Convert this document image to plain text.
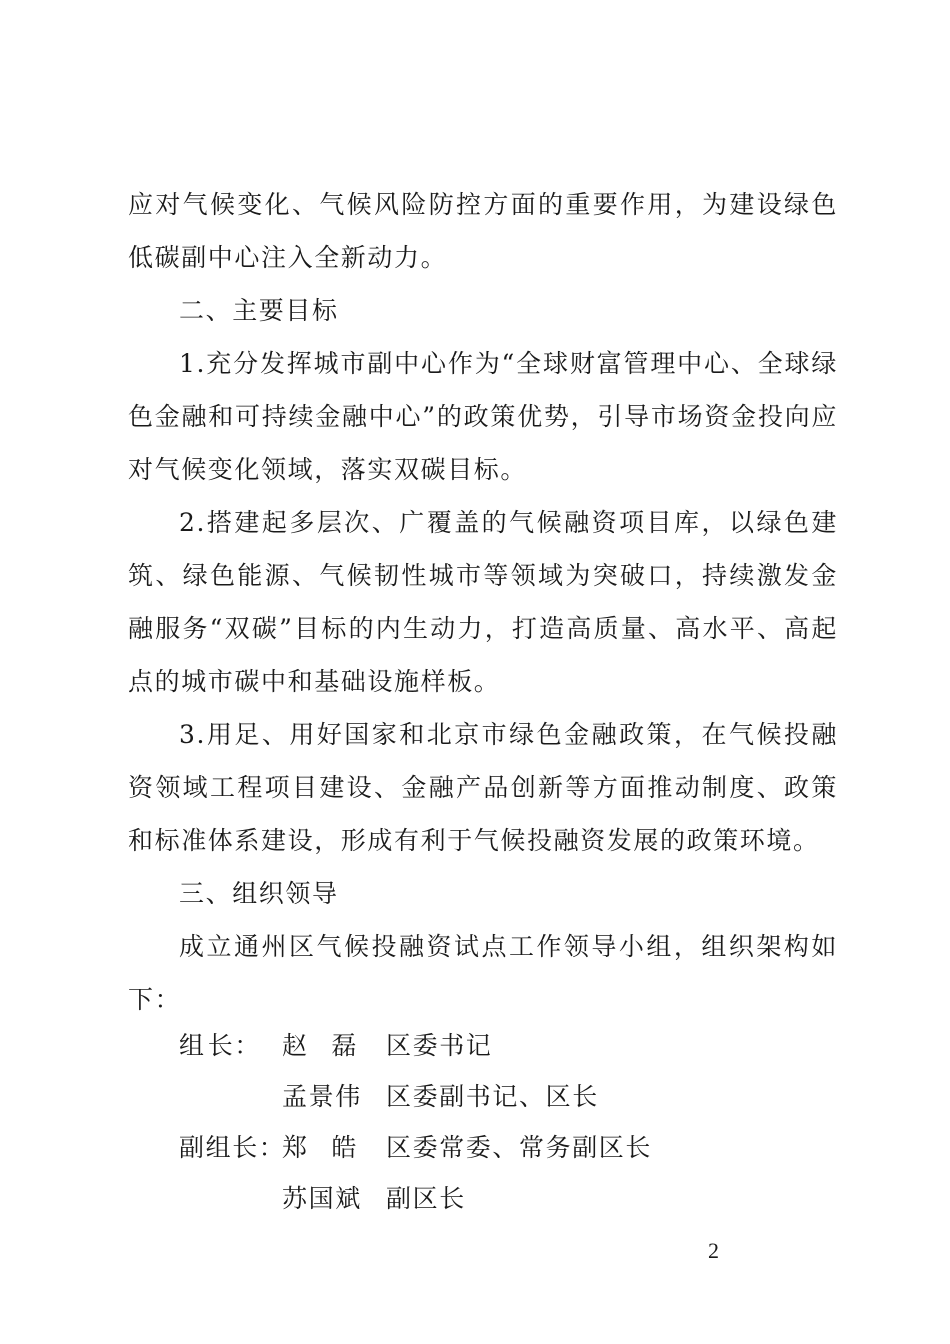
应对气候变化、气候风险防控方面的重要作用，为建设绿色低碳副中心注入全新动力。

二、主要目标

1.充分发挥城市副中心作为“全球财富管理中心、全球绿色金融和可持续金融中心”的政策优势，引导市场资金投向应对气候变化领域，落实双碳目标。

2.搭建起多层次、广覆盖的气候融资项目库，以绿色建筑、绿色能源、气候韧性城市等领域为突破口，持续激发金融服务“双碳”目标的内生动力，打造高质量、高水平、高起点的城市碳中和基础设施样板。

3.用足、用好国家和北京市绿色金融政策，在气候投融资领域工程项目建设、金融产品创新等方面推动制度、政策和标准体系建设，形成有利于气候投融资发展的政策环境。

三、组织领导

成立通州区气候投融资试点工作领导小组，组织架构如下：

组 长： 赵 磊 区委书记
孟景伟 区委副书记、区长
副组长：
郑 皓 区委常委、常务副区长
苏国斌 副区长
2
